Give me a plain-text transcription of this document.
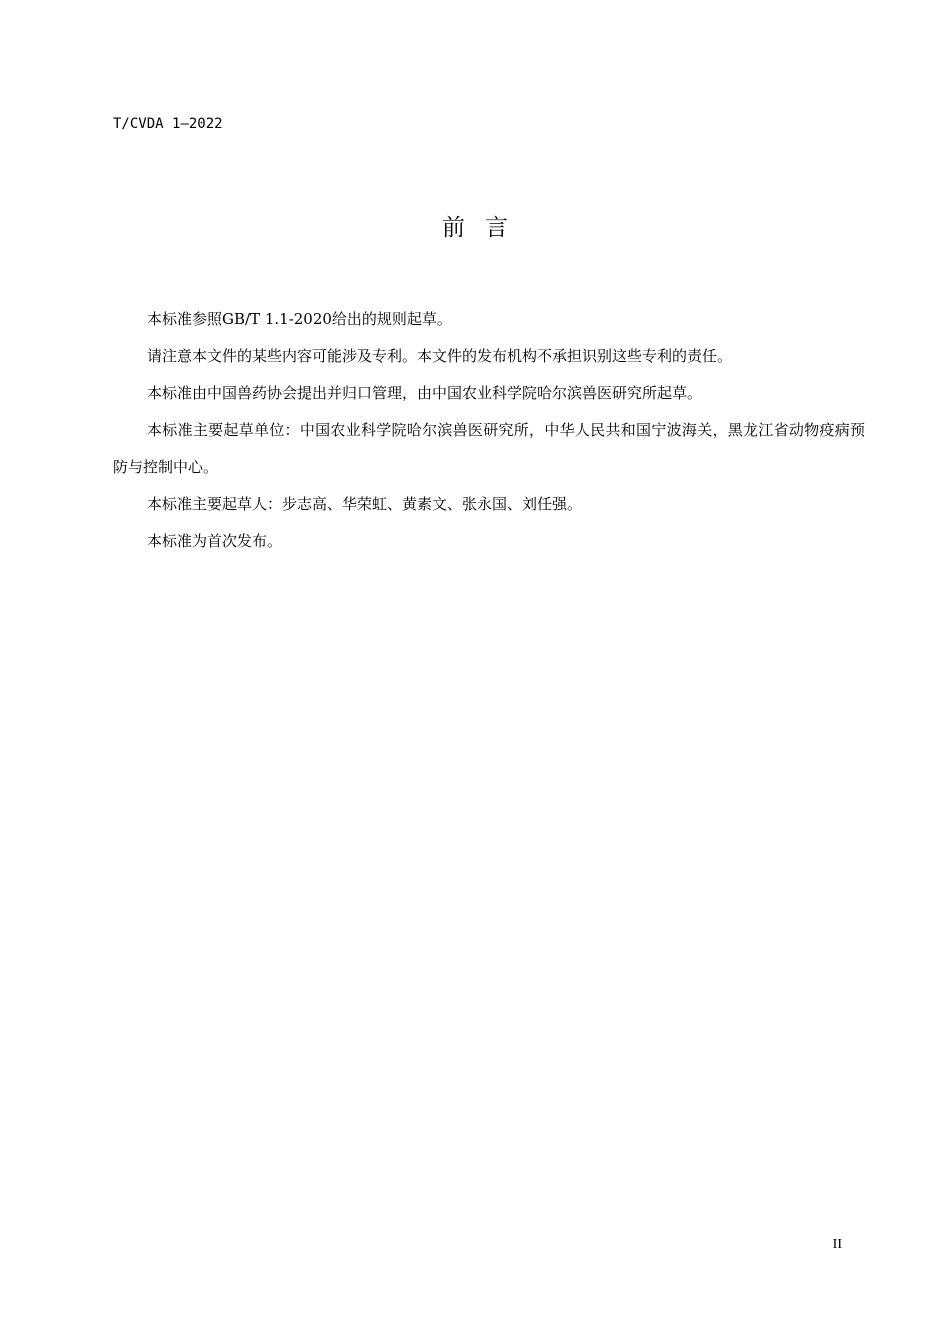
T/CVDA 1—2022
前言

本标准参照GB/T 1.1-2020给出的规则起草。

请注意本文件的某些内容可能涉及专利。本文件的发布机构不承担识别这些专利的责任。

本标准由中国兽药协会提出并归口管理，由中国农业科学院哈尔滨兽医研究所起草。

本标准主要起草单位：中国农业科学院哈尔滨兽医研究所，中华人民共和国宁波海关，黑龙江省动物疫病预防与控制中心。

本标准主要起草人：步志高、华荣虹、黄素文、张永国、刘任强。

本标准为首次发布。

II
